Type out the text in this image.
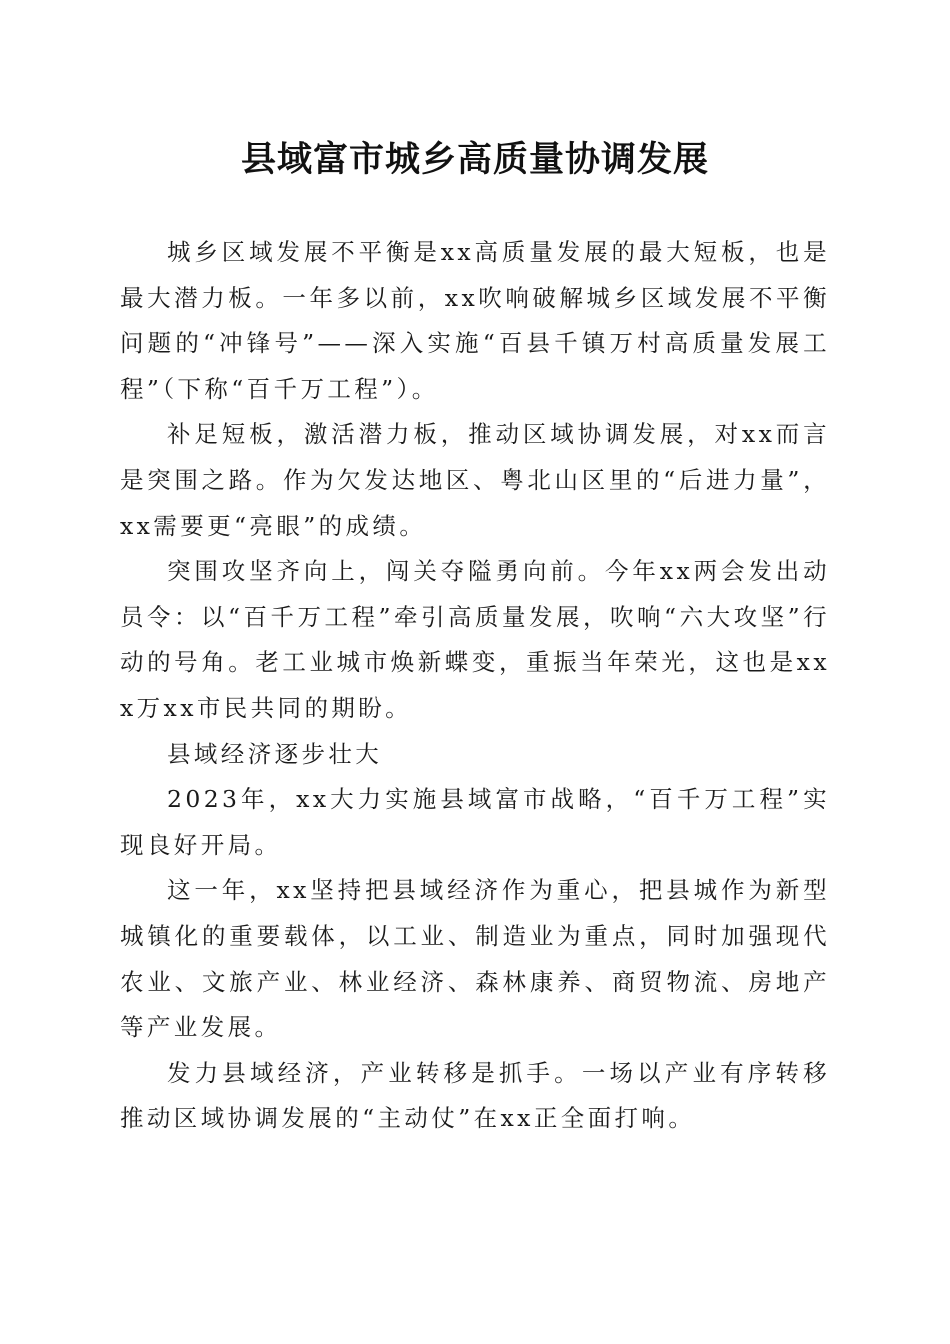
县域富市城乡高质量协调发展

城乡区域发展不平衡是xx高质量发展的最大短板，也是最大潜力板。一年多以前，xx吹响破解城乡区域发展不平衡问题的“冲锋号”——深入实施“百县千镇万村高质量发展工程”（下称“百千万工程”）。

补足短板，激活潜力板，推动区域协调发展，对xx而言是突围之路。作为欠发达地区、粤北山区里的“后进力量”，xx需要更“亮眼”的成绩。

突围攻坚齐向上，闯关夺隘勇向前。今年xx两会发出动员令：以“百千万工程”牵引高质量发展，吹响“六大攻坚”行动的号角。老工业城市焕新蝶变，重振当年荣光，这也是xxx万xx市民共同的期盼。

县域经济逐步壮大

2023年，xx大力实施县域富市战略，“百千万工程”实现良好开局。

这一年，xx坚持把县域经济作为重心，把县城作为新型城镇化的重要载体，以工业、制造业为重点，同时加强现代农业、文旅产业、林业经济、森林康养、商贸物流、房地产等产业发展。

发力县域经济，产业转移是抓手。一场以产业有序转移推动区域协调发展的“主动仗”在xx正全面打响。
